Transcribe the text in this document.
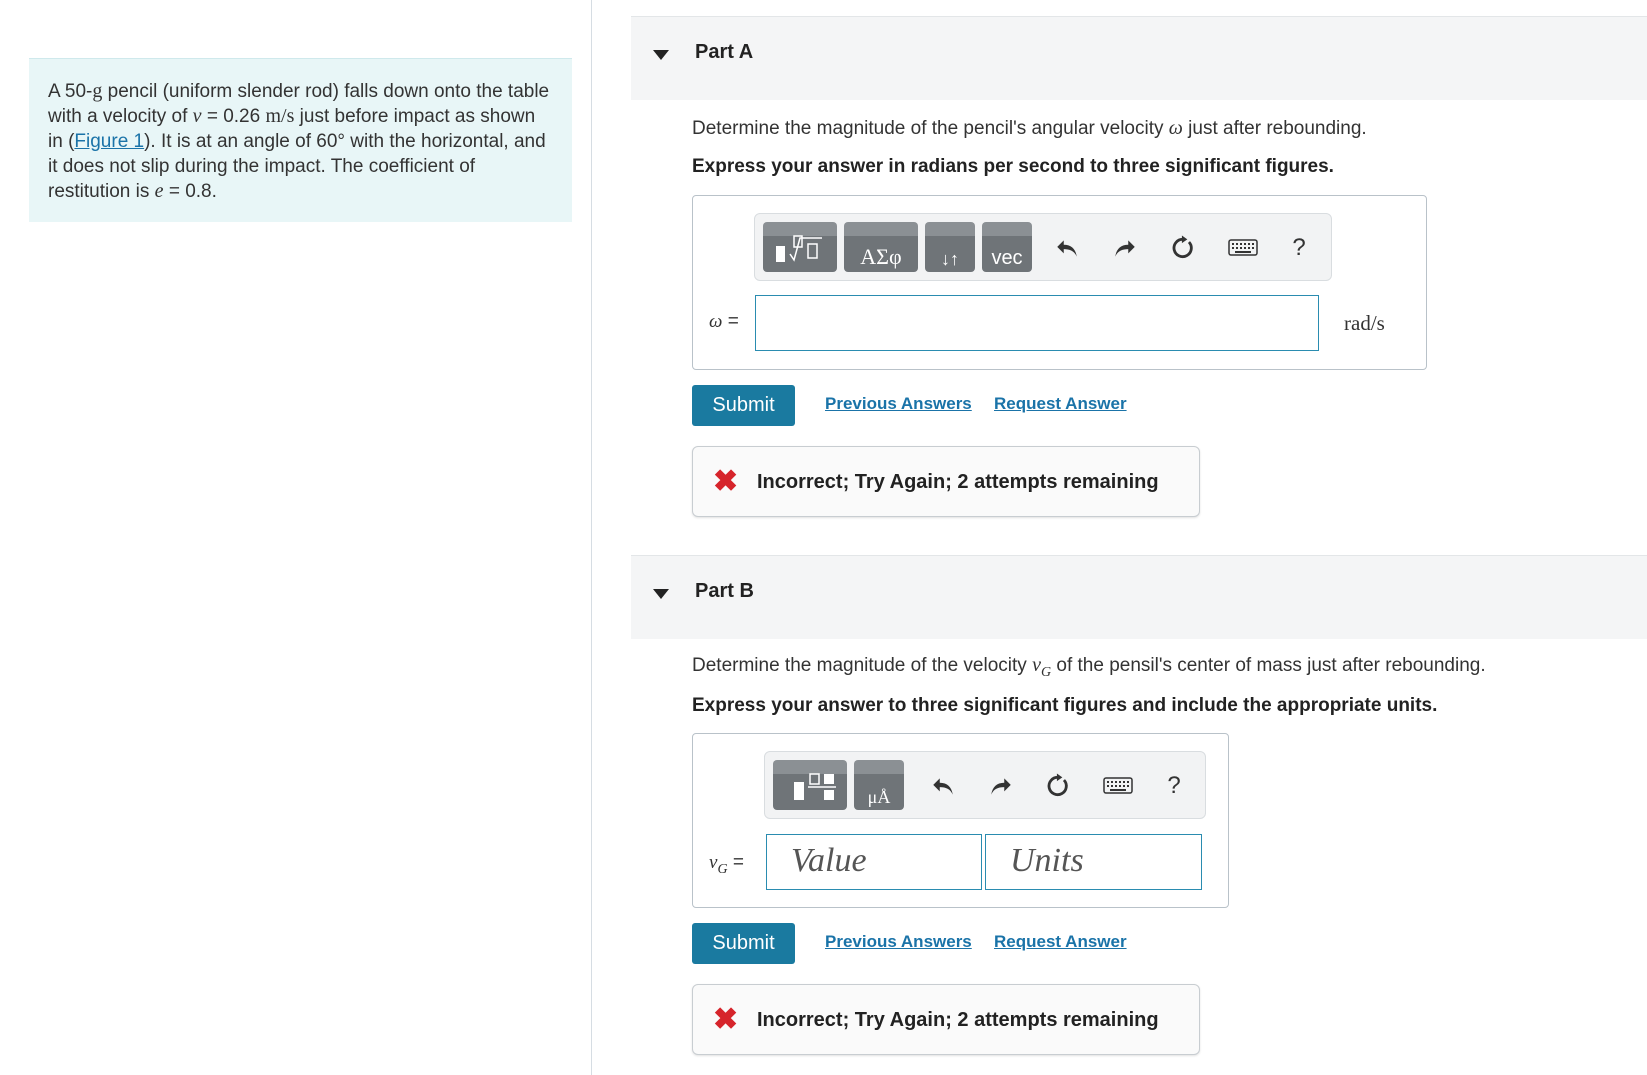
A 50-g pencil (uniform slender rod) falls down onto the table with a velocity of v = 0.26 m/s just before impact as shown in (Figure 1). It is at an angle of 60° with the horizontal, and it does not slip during the impact. The coefficient of restitution is e = 0.8.
Part A
Determine the magnitude of the pencil's angular velocity ω just after rebounding.
Express your answer in radians per second to three significant figures.
ΑΣφ	↓↑	vec	?
ω =	rad/s
Submit	Previous Answers Request Answer
✖ Incorrect; Try Again; 2 attempts remaining
Part B
Determine the magnitude of the velocity $v_G$ of the pensil's center of mass just after rebounding.
Express your answer to three significant figures and include the appropriate units.
μÅ	?
$v_G$ =	Value	Units
Submit	Previous Answers Request Answer
✖ Incorrect; Try Again; 2 attempts remaining
